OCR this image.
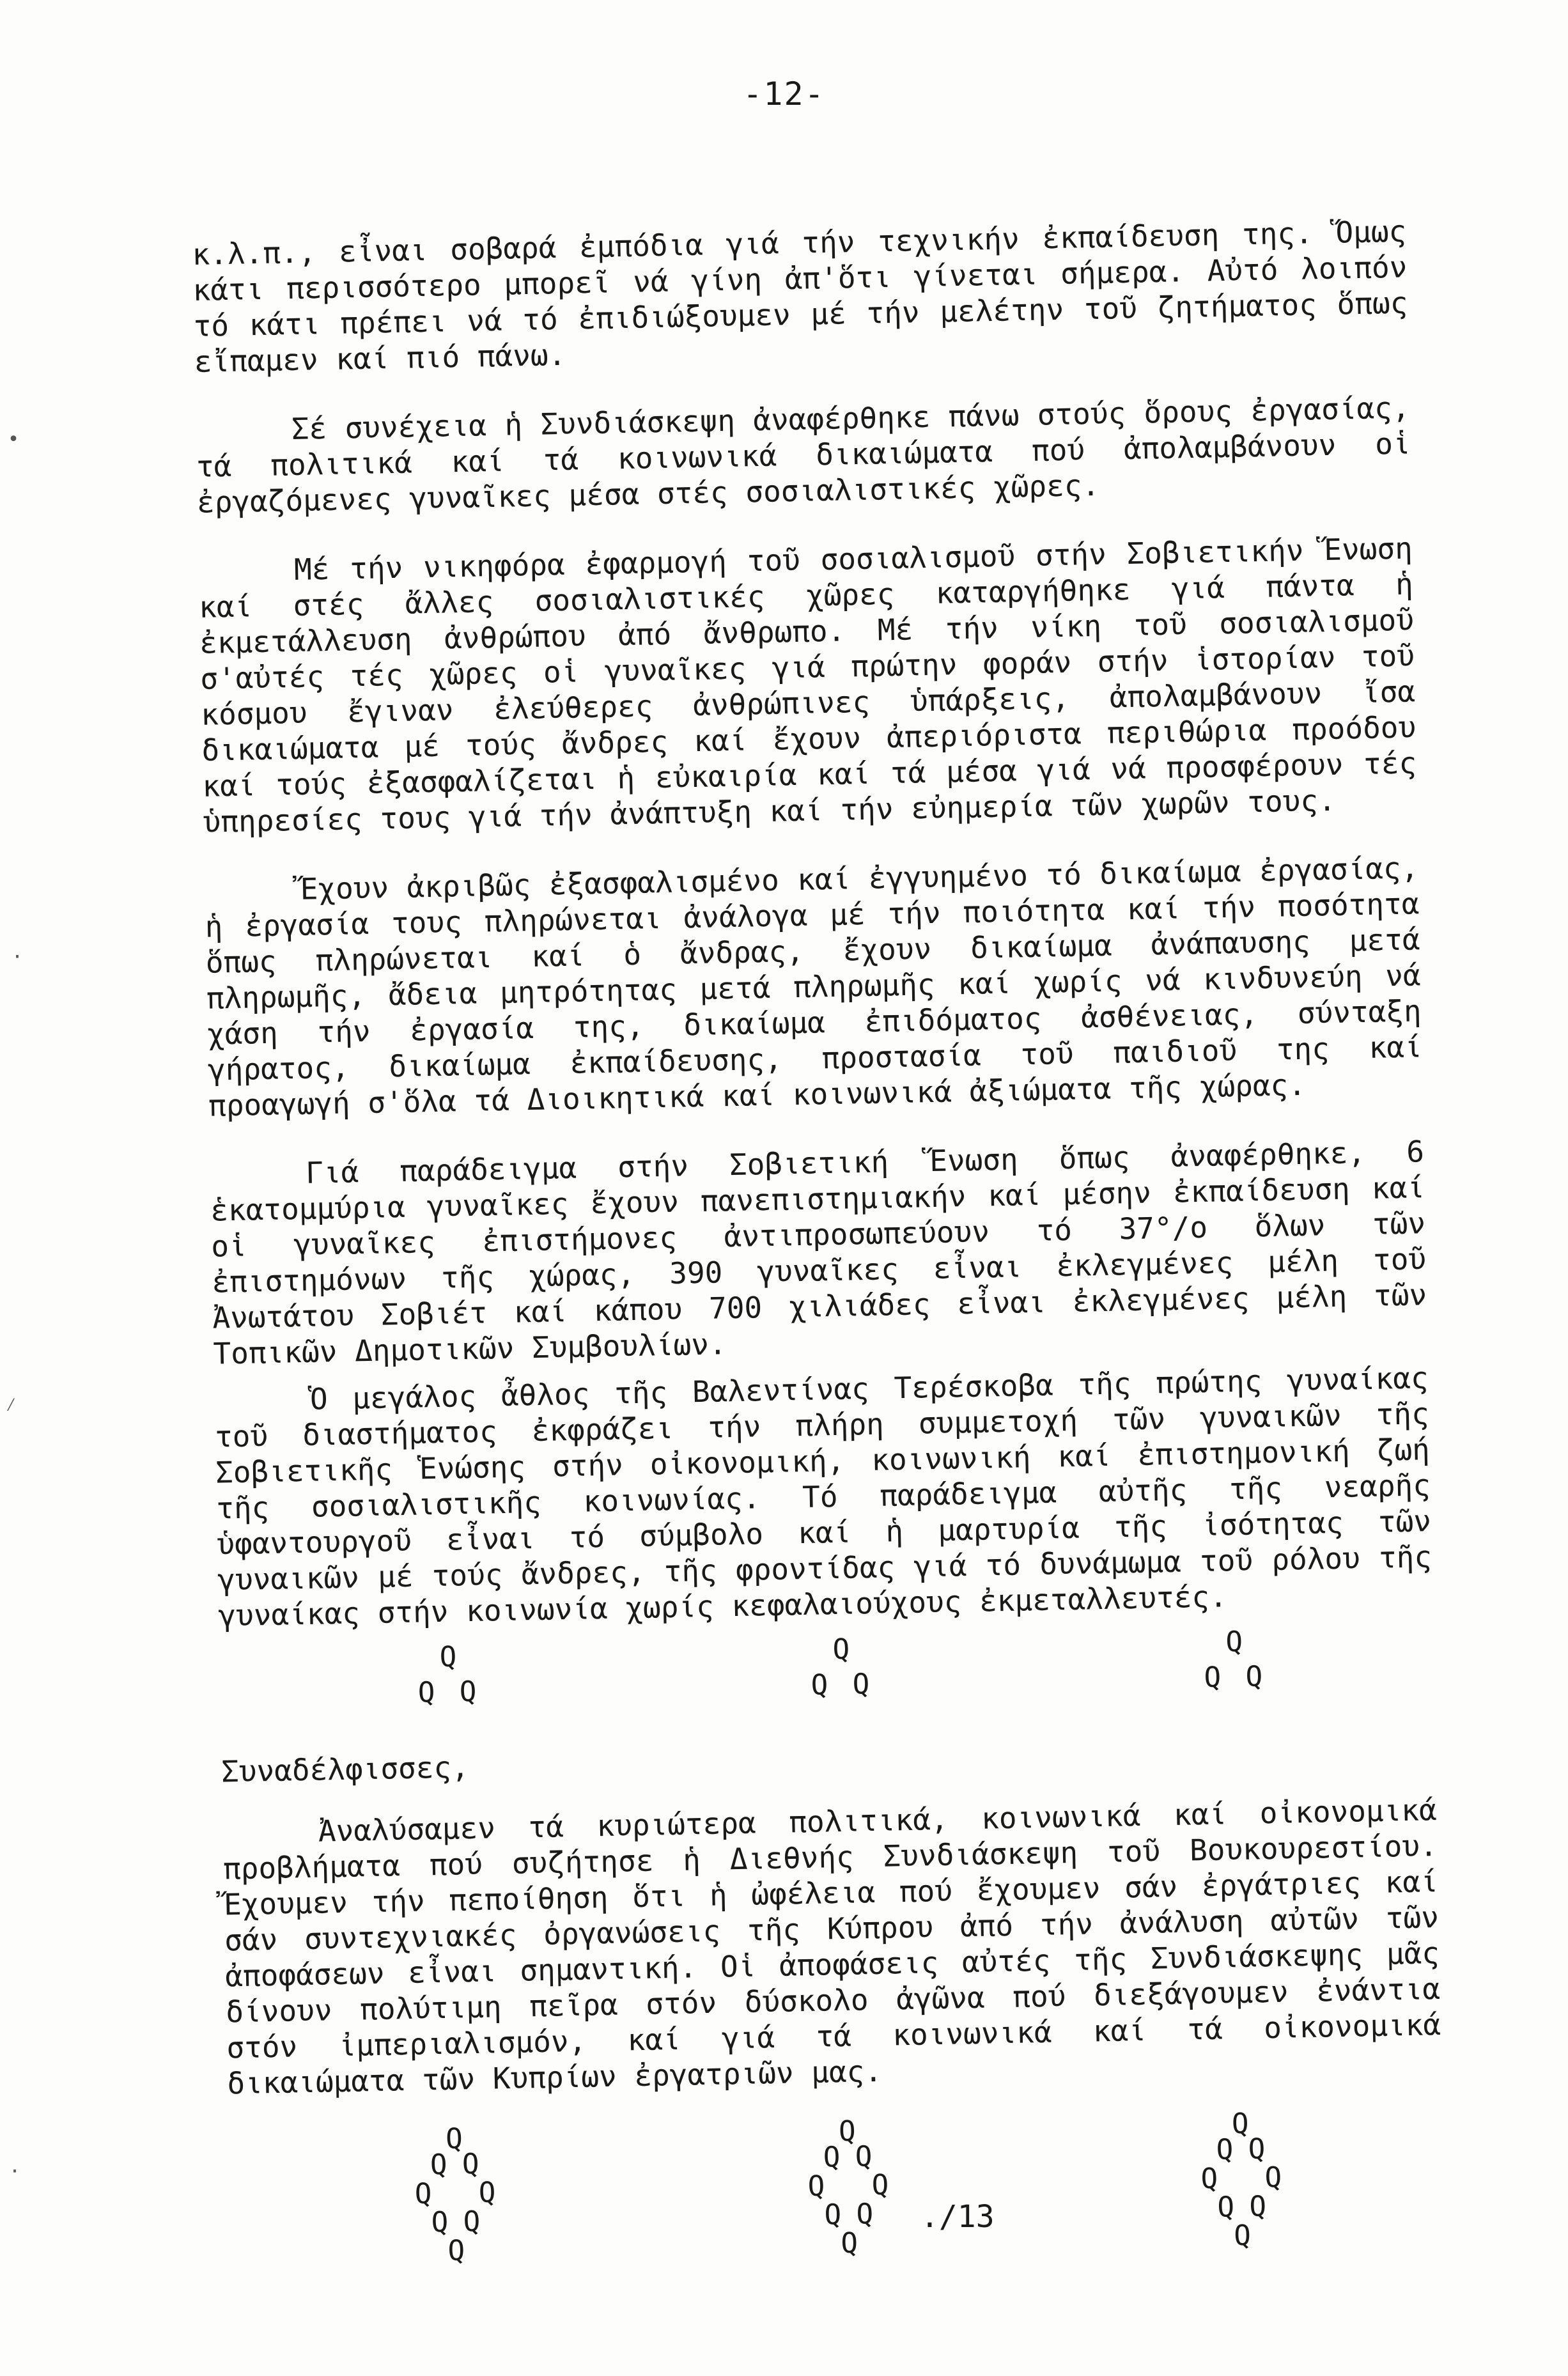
-12-

κ.λ.π., εἶναι σοβαρά ἐμπόδια γιά τήν τεχνικήν ἐκπαίδευση της. Ὅμως κάτι περισσότερο μπορεῖ νά γίνη ἀπ'ὅτι γίνεται σήμερα. Αὐτό λοιπόν τό κάτι πρέπει νά τό ἐπιδιώξουμεν μέ τήν μελέτην τοῦ ζητήματος ὅπως εἴπαμεν καί πιό πάνω.

Σέ συνέχεια ἡ Συνδιάσκεψη ἀναφέρθηκε πάνω στούς ὅρους ἐργασίας, τά πολιτικά καί τά κοινωνικά δικαιώματα πού ἀπολαμβάνουν οἱ ἐργαζόμενες γυναῖκες μέσα στές σοσιαλιστικές χῶρες.

Μέ τήν νικηφόρα ἐφαρμογή τοῦ σοσιαλισμοῦ στήν Σοβιετικήν Ἕνωση καί στές ἄλλες σοσιαλιστικές χῶρες καταργήθηκε γιά πάντα ἡ ἐκμετάλλευση ἀνθρώπου ἀπό ἄνθρωπο. Μέ τήν νίκη τοῦ σοσιαλισμοῦ σ'αὐτές τές χῶρες οἱ γυναῖκες γιά πρώτην φοράν στήν ἱστορίαν τοῦ κόσμου ἔγιναν ἐλεύθερες ἀνθρώπινες ὑπάρξεις, ἀπολαμβάνουν ἴσα δικαιώματα μέ τούς ἄνδρες καί ἔχουν ἀπεριόριστα περιθώρια προόδου καί τούς ἐξασφαλίζεται ἡ εὐκαιρία καί τά μέσα γιά νά προσφέρουν τές ὑπηρεσίες τους γιά τήν ἀνάπτυξη καί τήν εὐημερία τῶν χωρῶν τους.

Ἔχουν ἀκριβῶς ἐξασφαλισμένο καί ἐγγυημένο τό δικαίωμα ἐργασίας, ἡ ἐργασία τους πληρώνεται ἀνάλογα μέ τήν ποιότητα καί τήν ποσότητα ὅπως πληρώνεται καί ὁ ἄνδρας, ἔχουν δικαίωμα ἀνάπαυσης μετά πληρωμῆς, ἄδεια μητρότητας μετά πληρωμῆς καί χωρίς νά κινδυνεύη νά χάση τήν ἐργασία της, δικαίωμα ἐπιδόματος ἀσθένειας, σύνταξη γήρατος, δικαίωμα ἐκπαίδευσης, προστασία τοῦ παιδιοῦ της καί προαγωγή σ'ὅλα τά Διοικητικά καί κοινωνικά ἀξιώματα τῆς χώρας.

Γιά παράδειγμα στήν Σοβιετική Ἕνωση ὅπως ἀναφέρθηκε, 6 ἑκατομμύρια γυναῖκες ἔχουν πανεπιστημιακήν καί μέσην ἐκπαίδευση καί οἱ γυναῖκες ἐπιστήμονες ἀντιπροσωπεύουν τό 37°/ο ὅλων τῶν ἐπιστημόνων τῆς χώρας, 390 γυναῖκες εἶναι ἐκλεγμένες μέλη τοῦ Ἀνωτάτου Σοβιέτ καί κάπου 700 χιλιάδες εἶναι ἐκλεγμένες μέλη τῶν Τοπικῶν Δημοτικῶν Συμβουλίων.

Ὁ μεγάλος ἆθλος τῆς Βαλεντίνας Τερέσκοβα τῆς πρώτης γυναίκας τοῦ διαστήματος ἐκφράζει τήν πλήρη συμμετοχή τῶν γυναικῶν τῆς Σοβιετικῆς Ἑνώσης στήν οἰκονομική, κοινωνική καί ἐπιστημονική ζωή τῆς σοσιαλιστικῆς κοινωνίας. Τό παράδειγμα αὐτῆς τῆς νεαρῆς ὑφαντουργοῦ εἶναι τό σύμβολο καί ἡ μαρτυρία τῆς ἰσότητας τῶν γυναικῶν μέ τούς ἄνδρες, τῆς φροντίδας γιά τό δυνάμωμα τοῦ ρόλου τῆς γυναίκας στήν κοινωνία χωρίς κεφαλαιούχους ἐκμεταλλευτές.

Q
Q Q
Q
Q Q
Q
Q Q

Συναδέλφισσες,

Ἀναλύσαμεν τά κυριώτερα πολιτικά, κοινωνικά καί οἰκονομικά προβλήματα πού συζήτησε ἡ Διεθνής Συνδιάσκεψη τοῦ Βουκουρεστίου. Ἔχουμεν τήν πεποίθηση ὅτι ἡ ὠφέλεια πού ἔχουμεν σάν ἐργάτριες καί σάν συντεχνιακές ὀργανώσεις τῆς Κύπρου ἀπό τήν ἀνάλυση αὐτῶν τῶν ἀποφάσεων εἶναι σημαντική. Οἱ ἀποφάσεις αὐτές τῆς Συνδιάσκεψης μᾶς δίνουν πολύτιμη πεῖρα στόν δύσκολο ἀγῶνα πού διεξάγουμεν ἐνάντια στόν ἰμπεριαλισμόν, καί γιά τά κοινωνικά καί τά οἰκονομικά δικαιώματα τῶν Κυπρίων ἐργατριῶν μας.

Q
Q Q
Q Q
Q Q
Q
Q
Q Q
Q Q
Q Q
Q
Q
Q Q
Q Q
Q Q
Q
./13
•
·
⁄
·
